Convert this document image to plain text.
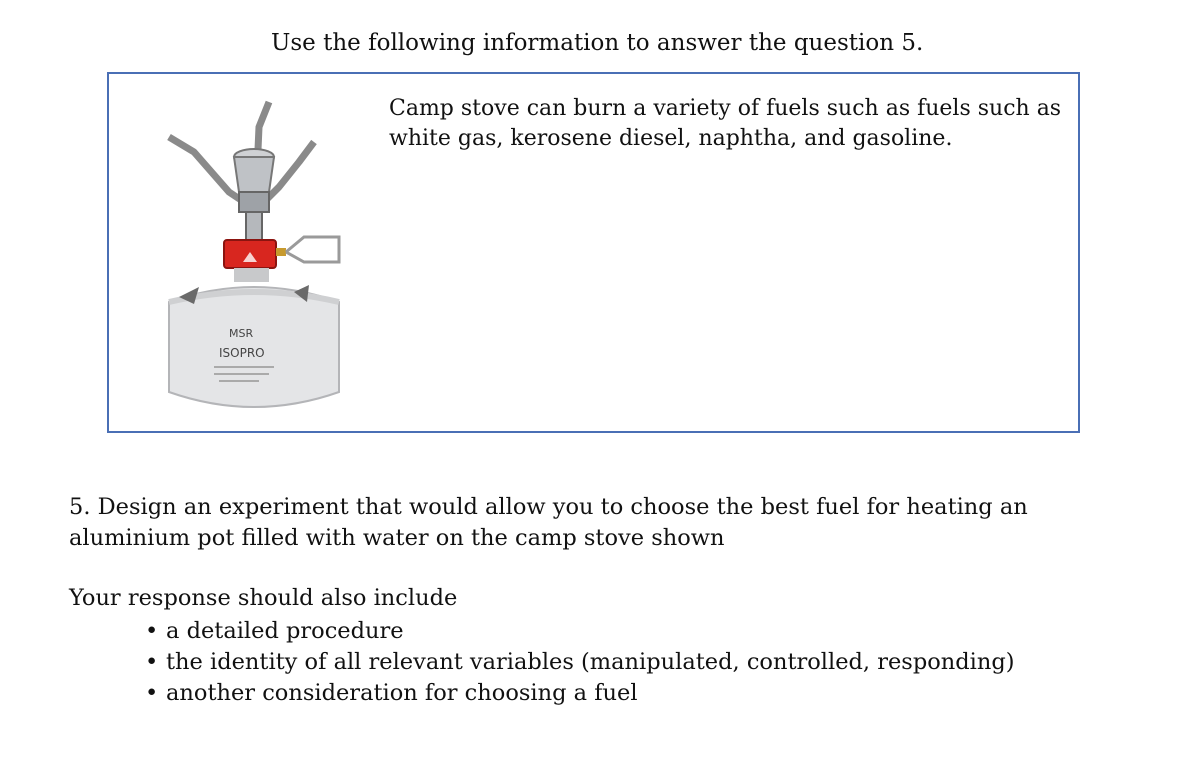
Use the following information to answer the question 5.
MSR
ISOPRO
Camp stove can burn a variety of fuels such as fuels such as
white gas, kerosene diesel, naphtha, and gasoline.
5. Design an experiment that would allow you to choose the best fuel for heating an
aluminium pot filled with water on the camp stove shown
Your response should also include
• a detailed procedure
• the identity of all relevant variables (manipulated, controlled, responding)
• another consideration for choosing a fuel
